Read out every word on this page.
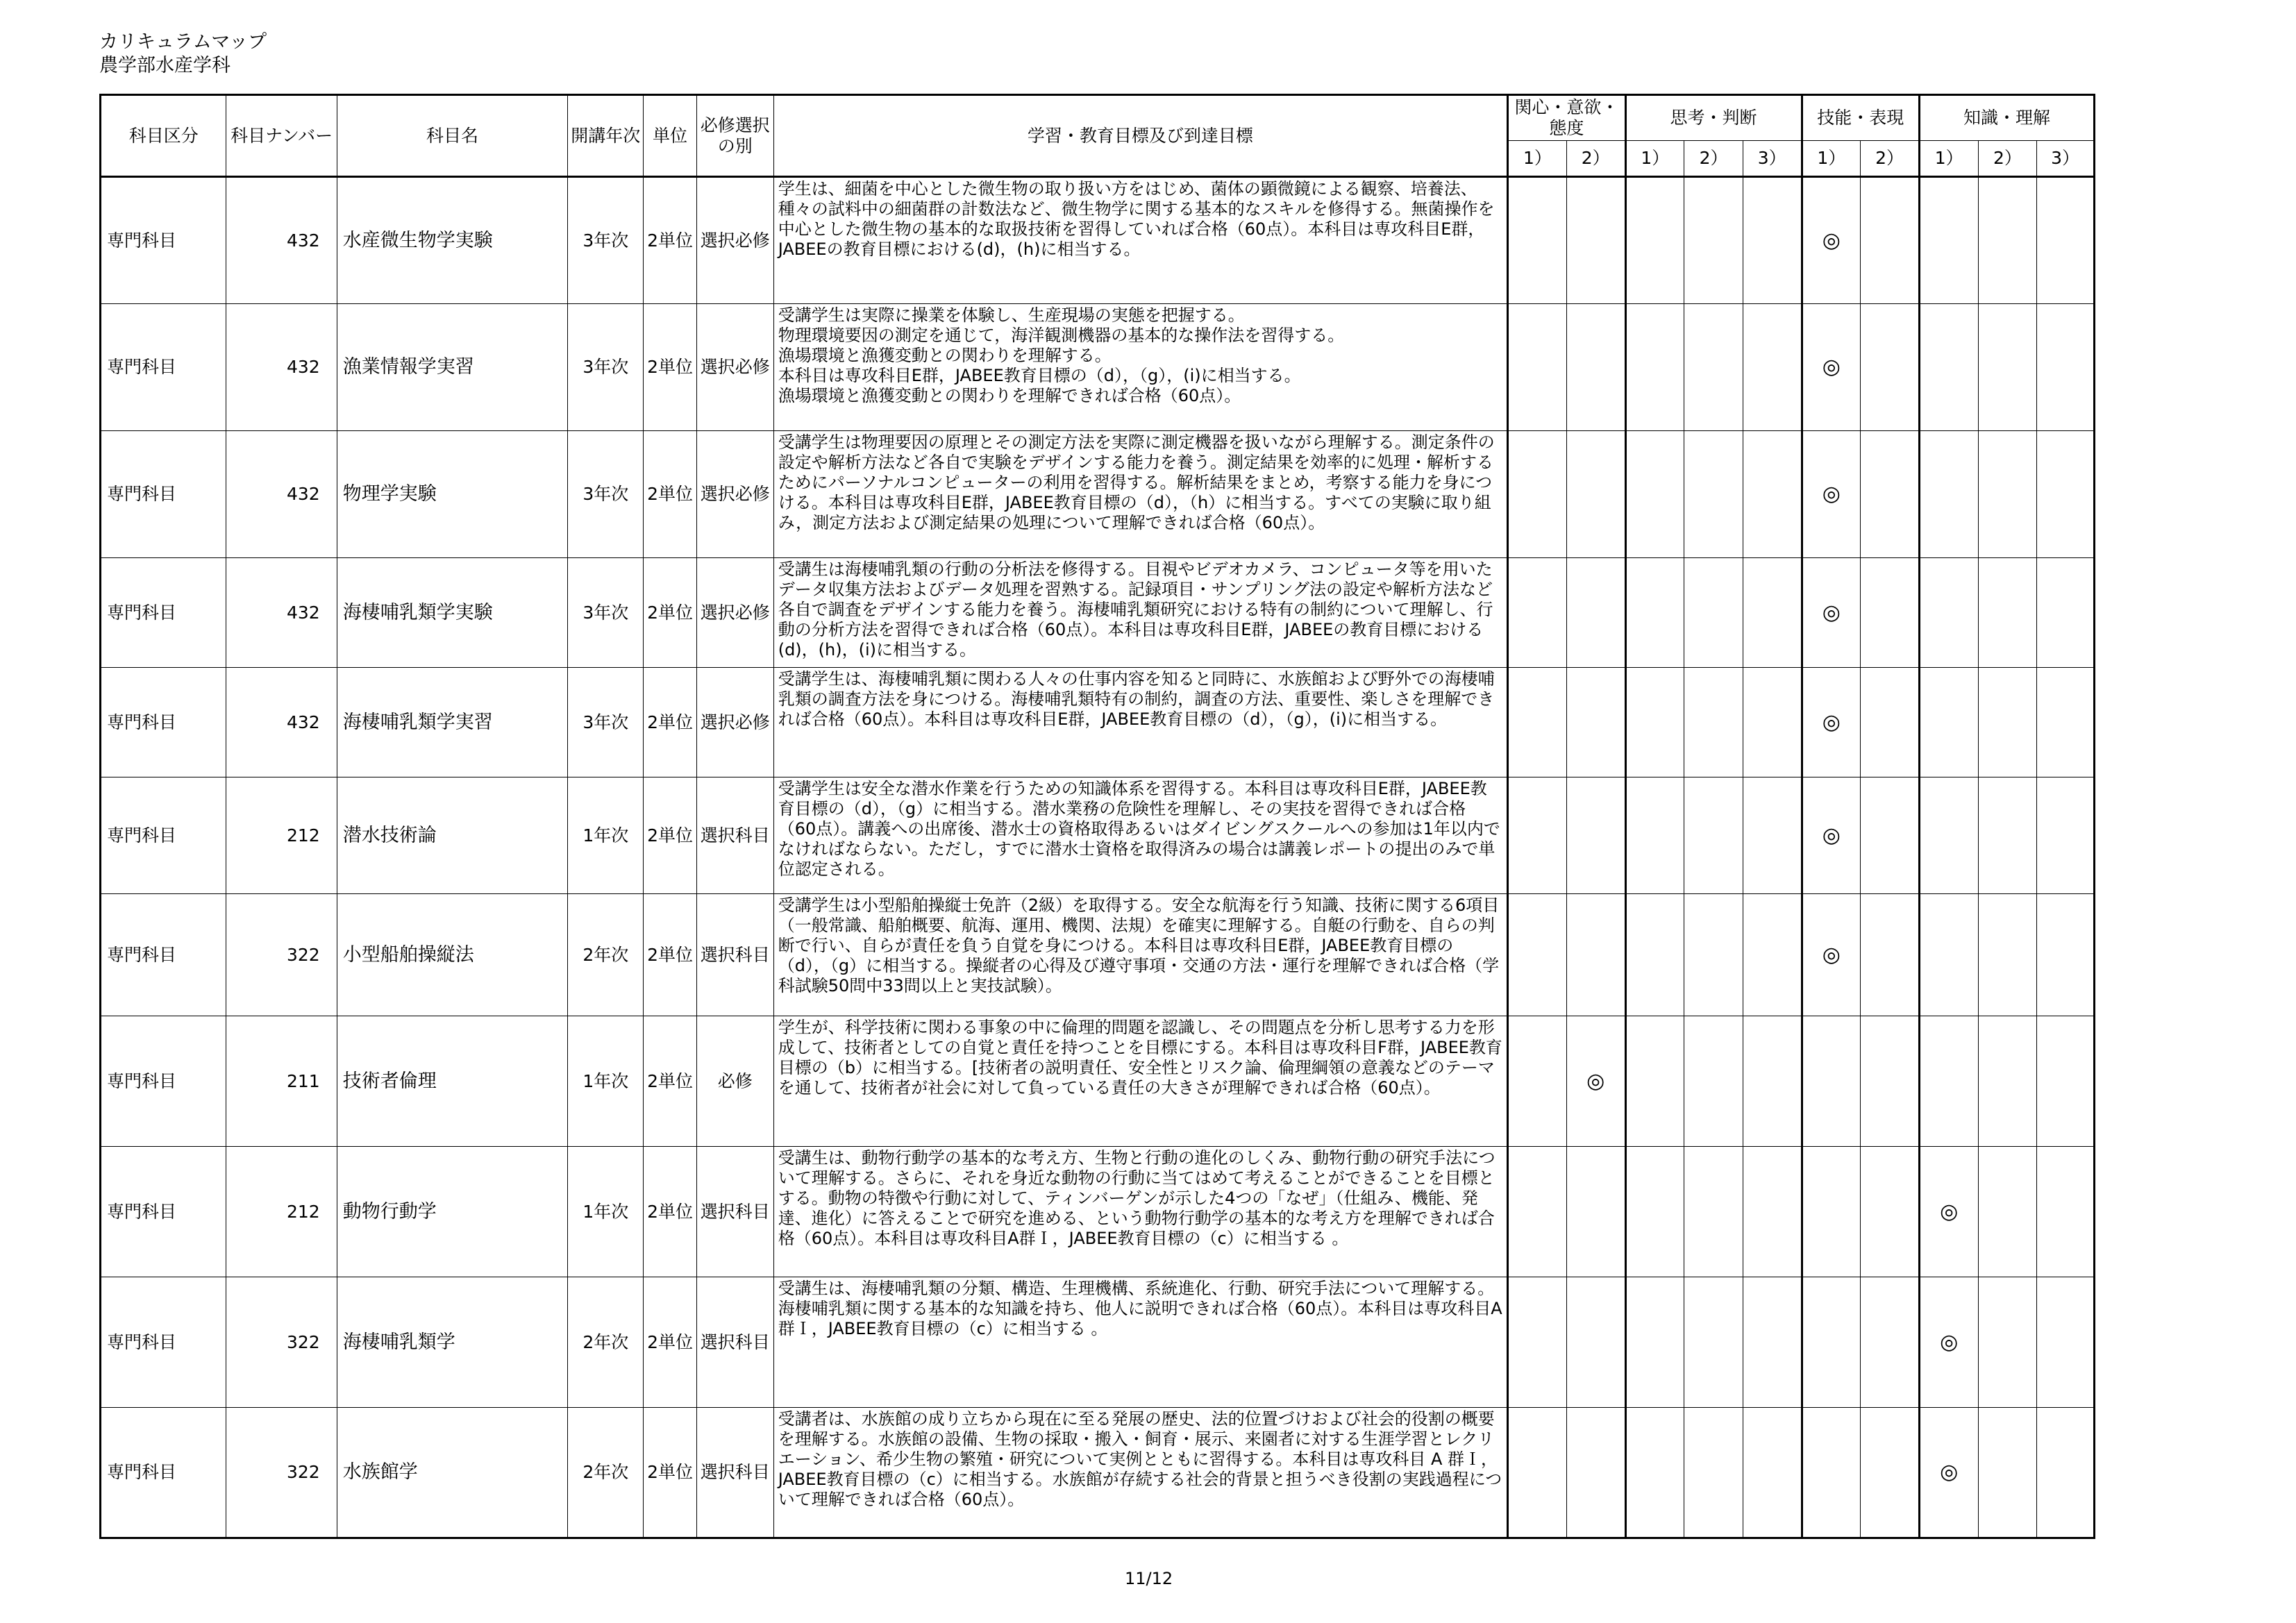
カリキュラムマップ
農学部水産学科
科目区分	科目ナンバー	科目名	開講年次	単位	必修選択の別	学習・教育目標及び到達目標	関心・意欲・態度		思考・判断			技能・表現		知識・理解		
							1）	2）	1）	2）	3）	1）	2）	1）	2）	3）
専門科目	432	水産微生物学実験	3年次	2単位	選択必修	学生は、細菌を中心とした微生物の取り扱い方をはじめ、菌体の顕微鏡による観察、培養法、種々の試料中の細菌群の計数法など、微生物学に関する基本的なスキルを修得する。無菌操作を中心とした微生物の基本的な取扱技術を習得していれば合格（60点）。本科目は専攻科目E群，JABEEの教育目標における(d)，(h)に相当する。						◎				
専門科目	432	漁業情報学実習	3年次	2単位	選択必修	受講学生は実際に操業を体験し、生産現場の実態を把握する。
物理環境要因の測定を通じて，海洋観測機器の基本的な操作法を習得する。
漁場環境と漁獲変動との関わりを理解する。
本科目は専攻科目E群，JABEE教育目標の（d），（g），(i)に相当する。
漁場環境と漁獲変動との関わりを理解できれば合格（60点）。						◎				
専門科目	432	物理学実験	3年次	2単位	選択必修	受講学生は物理要因の原理とその測定方法を実際に測定機器を扱いながら理解する。測定条件の設定や解析方法など各自で実験をデザインする能力を養う。測定結果を効率的に処理・解析するためにパーソナルコンピューターの利用を習得する。解析結果をまとめ，考察する能力を身につける。本科目は専攻科目E群，JABEE教育目標の（d），（h）に相当する。すべての実験に取り組み，測定方法および測定結果の処理について理解できれば合格（60点）。						◎				
専門科目	432	海棲哺乳類学実験	3年次	2単位	選択必修	受講生は海棲哺乳類の行動の分析法を修得する。目視やビデオカメラ、コンピュータ等を用いたデータ収集方法およびデータ処理を習熟する。記録項目・サンプリング法の設定や解析方法など各自で調査をデザインする能力を養う。海棲哺乳類研究における特有の制約について理解し、行動の分析方法を習得できれば合格（60点）。本科目は専攻科目E群，JABEEの教育目標における(d)，(h)，(i)に相当する。						◎				
専門科目	432	海棲哺乳類学実習	3年次	2単位	選択必修	受講学生は、海棲哺乳類に関わる人々の仕事内容を知ると同時に、水族館および野外での海棲哺乳類の調査方法を身につける。海棲哺乳類特有の制約，調査の方法、重要性、楽しさを理解できれば合格（60点）。本科目は専攻科目E群，JABEE教育目標の（d），（g），(i)に相当する。						◎				
専門科目	212	潜水技術論	1年次	2単位	選択科目	受講学生は安全な潜水作業を行うための知識体系を習得する。本科目は専攻科目E群，JABEE教育目標の（d），（g）に相当する。潜水業務の危険性を理解し、その実技を習得できれば合格（60点）。講義への出席後、潜水士の資格取得あるいはダイビングスクールへの参加は1年以内でなければならない。ただし，すでに潜水士資格を取得済みの場合は講義レポートの提出のみで単位認定される。						◎				
専門科目	322	小型船舶操縦法	2年次	2単位	選択科目	受講学生は小型船舶操縦士免許（2級）を取得する。安全な航海を行う知識、技術に関する6項目（一般常識、船舶概要、航海、運用、機関、法規）を確実に理解する。自艇の行動を、自らの判断で行い、自らが責任を負う自覚を身につける。本科目は専攻科目E群，JABEE教育目標の（d），（g）に相当する。操縦者の心得及び遵守事項・交通の方法・運行を理解できれば合格（学科試験50問中33問以上と実技試験）。						◎				
専門科目	211	技術者倫理	1年次	2単位	必修	学生が、科学技術に関わる事象の中に倫理的問題を認識し、その問題点を分析し思考する力を形成して、技術者としての自覚と責任を持つことを目標にする。本科目は専攻科目F群，JABEE教育目標の（b）に相当する。[技術者の説明責任、安全性とリスク論、倫理綱領の意義などのテーマを通して、技術者が社会に対して負っている責任の大きさが理解できれば合格（60点）。		◎								
専門科目	212	動物行動学	1年次	2単位	選択科目	受講生は、動物行動学の基本的な考え方、生物と行動の進化のしくみ、動物行動の研究手法について理解する。さらに、それを身近な動物の行動に当てはめて考えることができることを目標とする。動物の特徴や行動に対して、ティンバーゲンが示した4つの「なぜ」（仕組み、機能、発達、進化）に答えることで研究を進める、という動物行動学の基本的な考え方を理解できれば合格（60点）。本科目は専攻科目A群Ｉ，JABEE教育目標の（c）に相当する 。								◎		
専門科目	322	海棲哺乳類学	2年次	2単位	選択科目	受講生は、海棲哺乳類の分類、構造、生理機構、系統進化、行動、研究手法について理解する。海棲哺乳類に関する基本的な知識を持ち、他人に説明できれば合格（60点）。本科目は専攻科目A群Ｉ，JABEE教育目標の（c）に相当する 。								◎		
専門科目	322	水族館学	2年次	2単位	選択科目	受講者は、水族館の成り立ちから現在に至る発展の歴史、法的位置づけおよび社会的役割の概要を理解する。水族館の設備、生物の採取・搬入・飼育・展示、来園者に対する生涯学習とレクリエーション、希少生物の繁殖・研究について実例とともに習得する。本科目は専攻科目 A 群Ｉ，JABEE教育目標の（c）に相当する。水族館が存続する社会的背景と担うべき役割の実践過程について理解できれば合格（60点）。								◎		
11/12
